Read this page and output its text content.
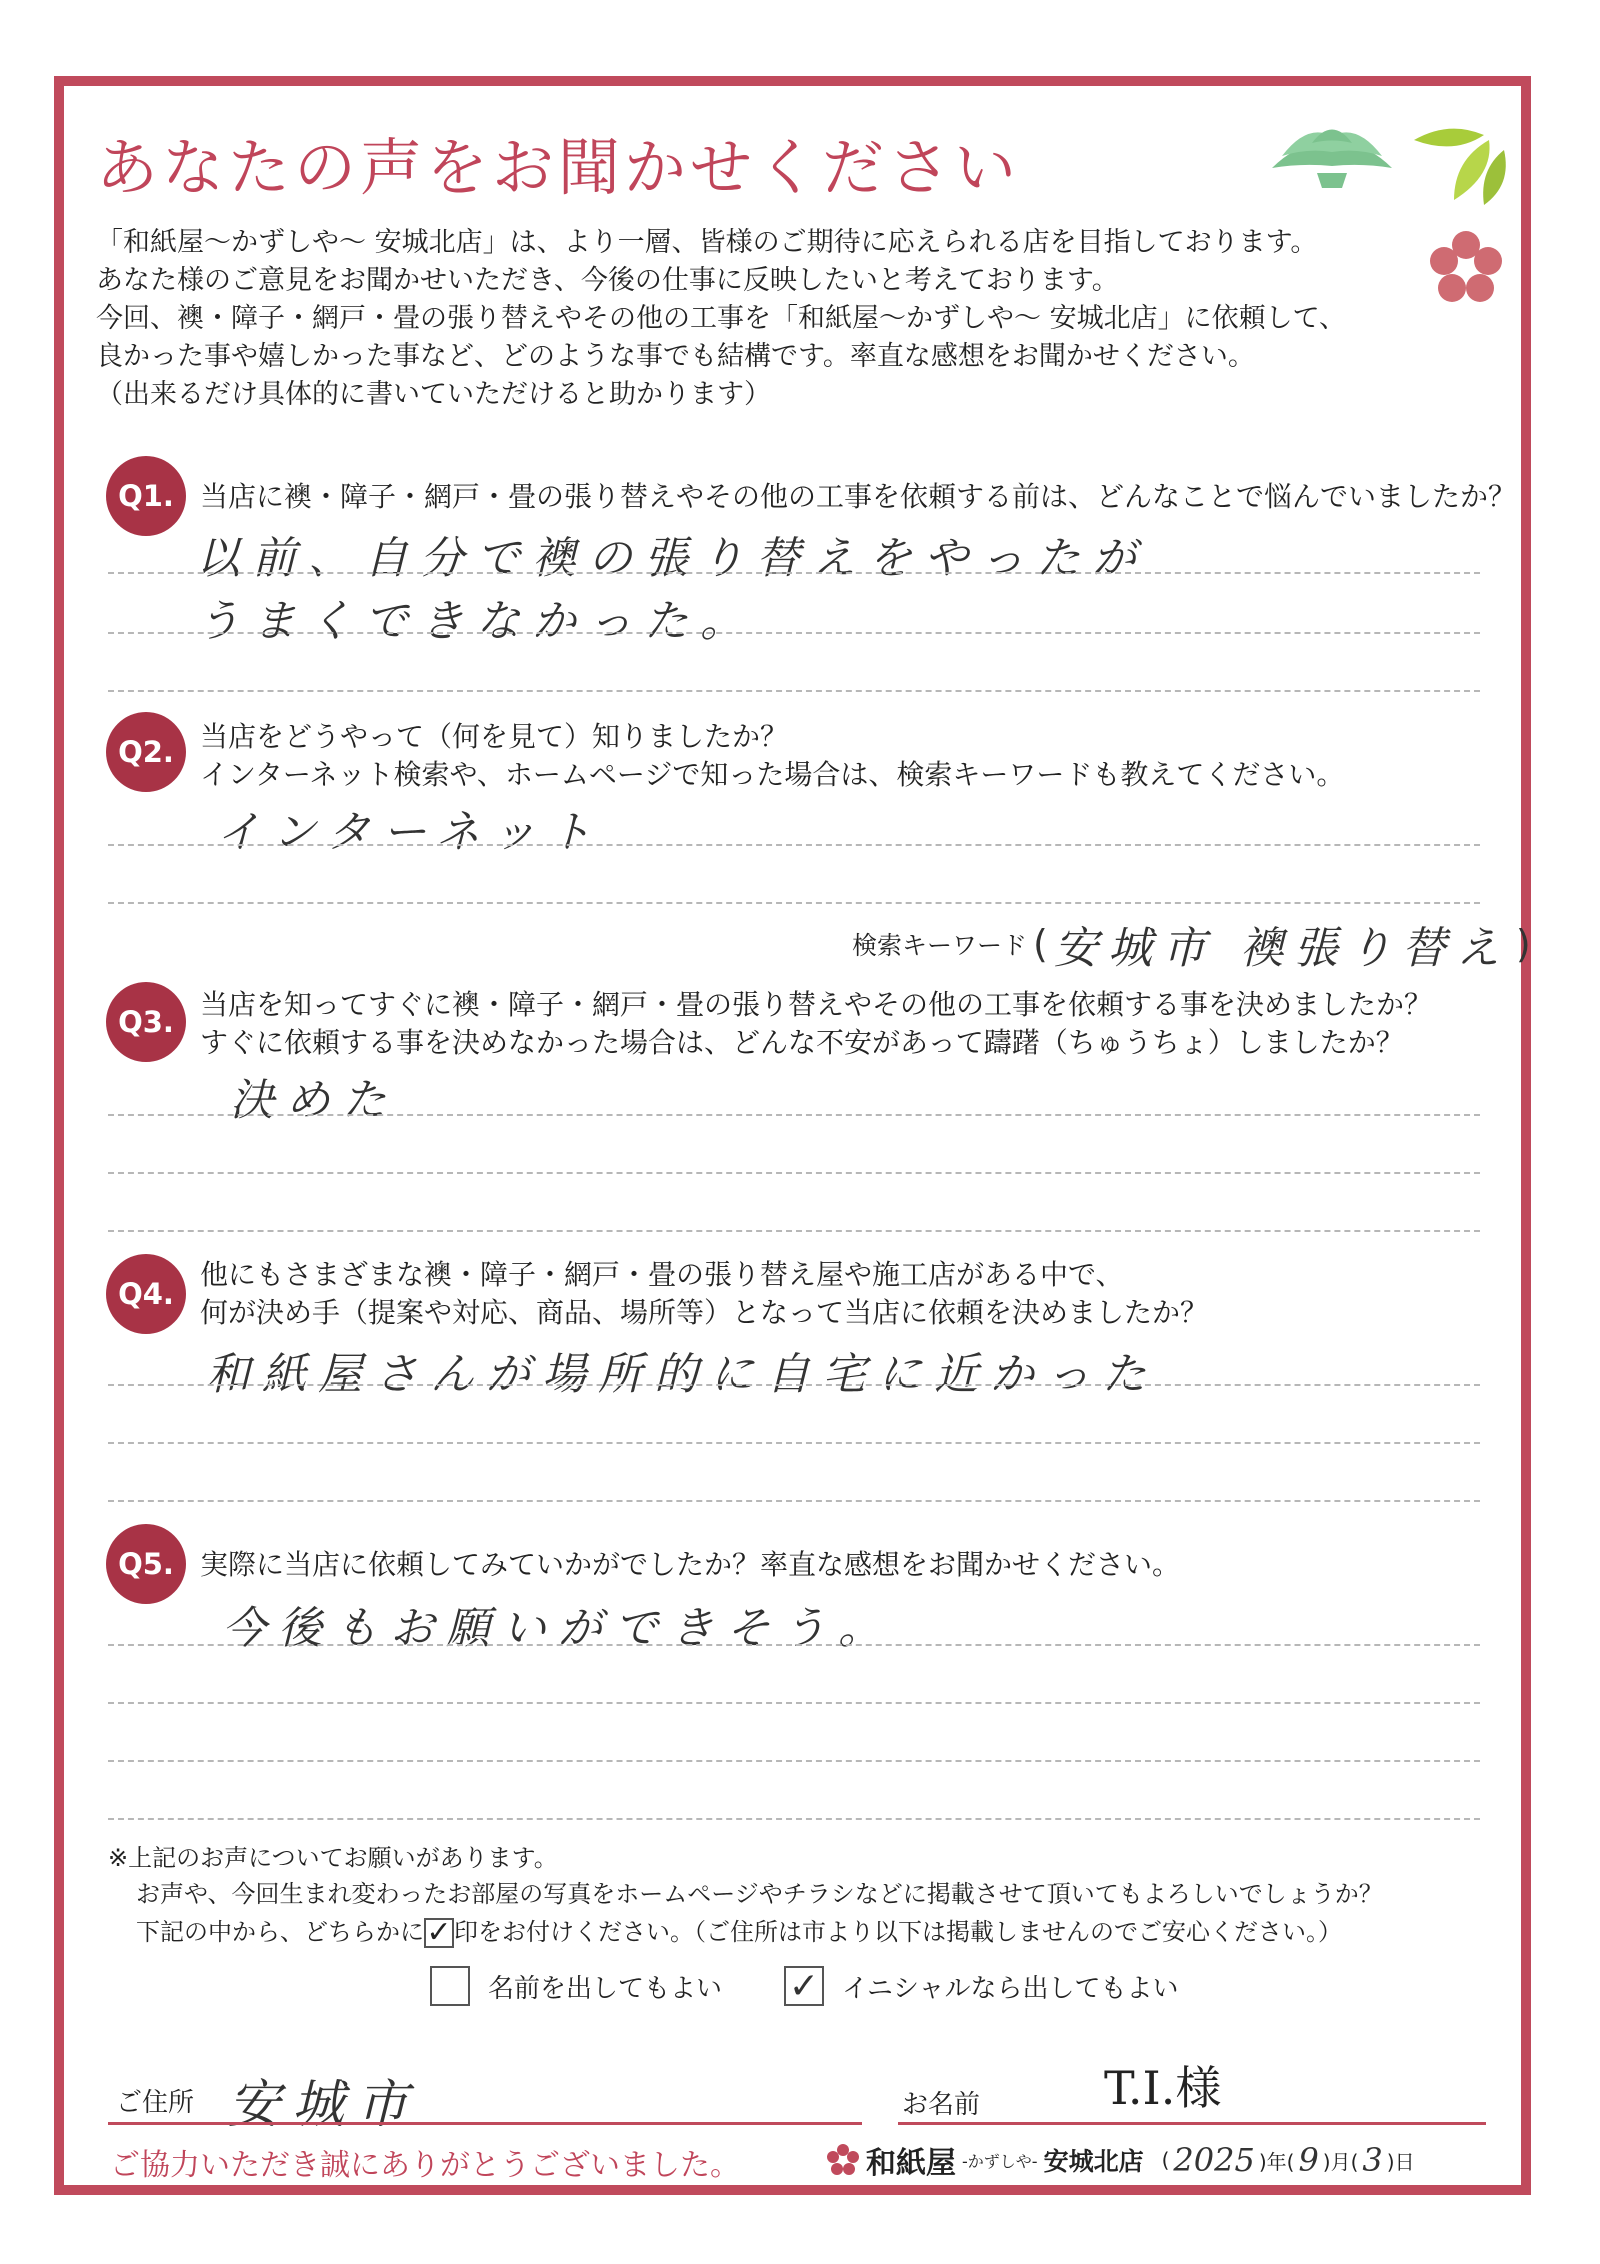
あなたの声をお聞かせください
「和紙屋〜かずしや〜 安城北店」は、より一層、皆様のご期待に応えられる店を目指しております。
あなた様のご意見をお聞かせいただき、今後の仕事に反映したいと考えております。
今回、襖・障子・網戸・畳の張り替えやその他の工事を「和紙屋〜かずしや〜 安城北店」に依頼して、
良かった事や嬉しかった事など、どのような事でも結構です。率直な感想をお聞かせください。
（出来るだけ具体的に書いていただけると助かります）
Q1. 当店に襖・障子・網戸・畳の張り替えやその他の工事を依頼する前は、どんなことで悩んでいましたか？
以前、自分で襖の張り替えをやったが
うまくできなかった。
Q2. 当店をどうやって（何を見て）知りましたか？
インターネット検索や、ホームページで知った場合は、検索キーワードも教えてください。
インターネット
検索キーワード ( 安城市 襖張り替え )
Q3.
当店を知ってすぐに襖・障子・網戸・畳の張り替えやその他の工事を依頼する事を決めましたか？
すぐに依頼する事を決めなかった場合は、どんな不安があって躊躇（ちゅうちょ）しましたか？
決めた
Q4.
他にもさまざまな襖・障子・網戸・畳の張り替え屋や施工店がある中で、
何が決め手（提案や対応、商品、場所等）となって当店に依頼を決めましたか？
和紙屋さんが場所的に自宅に近かった
Q5. 実際に当店に依頼してみていかがでしたか？率直な感想をお聞かせください。
今後もお願いができそう。
※上記のお声についてお願いがあります。
お声や、今回生まれ変わったお部屋の写真をホームページやチラシなどに掲載させて頂いてもよろしいでしょうか？
下記の中から、どちらかに✓ 印をお付けください。（ご住所は市より以下は掲載しませんのでご安心ください。）
名前を出してもよい ✓ イニシャルなら出してもよい
ご住所 安城市	お名前	T.I.様
ご協力いただき誠にありがとうございました。	和紙屋 -かずしや- 安城北店 ( 2025 )年( 9 )月( 3 )日
